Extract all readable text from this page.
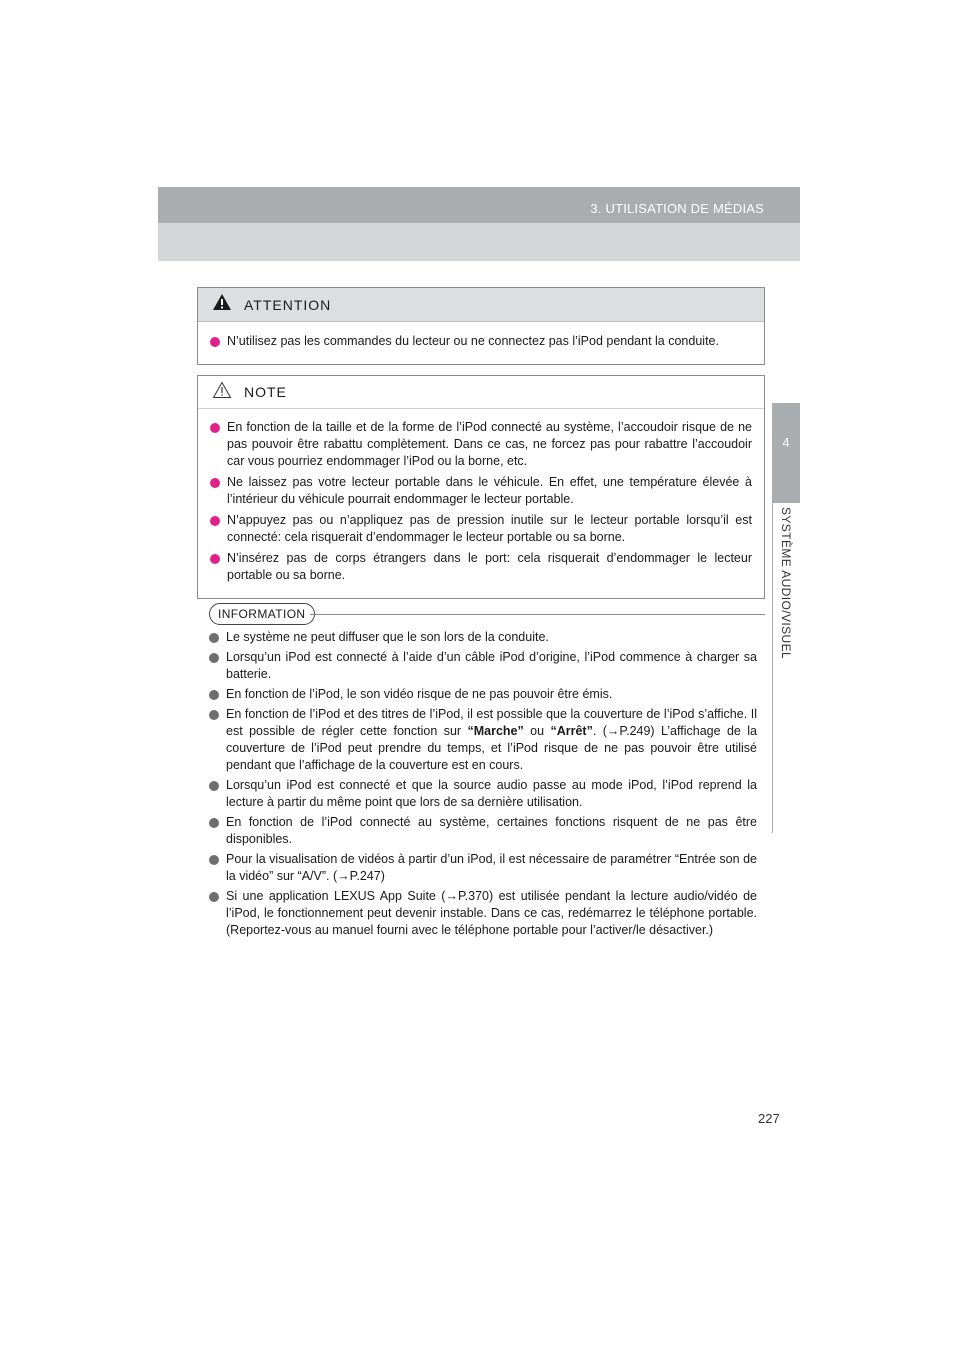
3. UTILISATION DE MÉDIAS
4
SYSTÈME AUDIO/VISUEL
ATTENTION
N’utilisez pas les commandes du lecteur ou ne connectez pas l’iPod pendant la conduite.
NOTE
En fonction de la taille et de la forme de l’iPod connecté au système, l’accoudoir risque de ne pas pouvoir être rabattu complètement. Dans ce cas, ne forcez pas pour rabattre l’accoudoir car vous pourriez endommager l’iPod ou la borne, etc.
Ne laissez pas votre lecteur portable dans le véhicule. En effet, une température élevée à l’intérieur du véhicule pourrait endommager le lecteur portable.
N’appuyez pas ou n’appliquez pas de pression inutile sur le lecteur portable lorsqu’il est connecté: cela risquerait d’endommager le lecteur portable ou sa borne.
N’insérez pas de corps étrangers dans le port: cela risquerait d’endommager le lecteur portable ou sa borne.
INFORMATION
Le système ne peut diffuser que le son lors de la conduite.
Lorsqu’un iPod est connecté à l’aide d’un câble iPod d’origine, l’iPod commence à charger sa batterie.
En fonction de l’iPod, le son vidéo risque de ne pas pouvoir être émis.
En fonction de l’iPod et des titres de l’iPod, il est possible que la couverture de l’iPod s’affiche. Il est possible de régler cette fonction sur “Marche” ou “Arrêt”. (→P.249) L’affichage de la couverture de l’iPod peut prendre du temps, et l’iPod risque de ne pas pouvoir être utilisé pendant que l’affichage de la couverture est en cours.
Lorsqu’un iPod est connecté et que la source audio passe au mode iPod, l’iPod reprend la lecture à partir du même point que lors de sa dernière utilisation.
En fonction de l’iPod connecté au système, certaines fonctions risquent de ne pas être disponibles.
Pour la visualisation de vidéos à partir d’un iPod, il est nécessaire de paramétrer “Entrée son de la vidéo” sur “A/V”. (→P.247)
Si une application LEXUS App Suite (→P.370) est utilisée pendant la lecture audio/vidéo de l’iPod, le fonctionnement peut devenir instable. Dans ce cas, redémarrez le téléphone portable. (Reportez-vous au manuel fourni avec le téléphone portable pour l’activer/le désactiver.)
227
